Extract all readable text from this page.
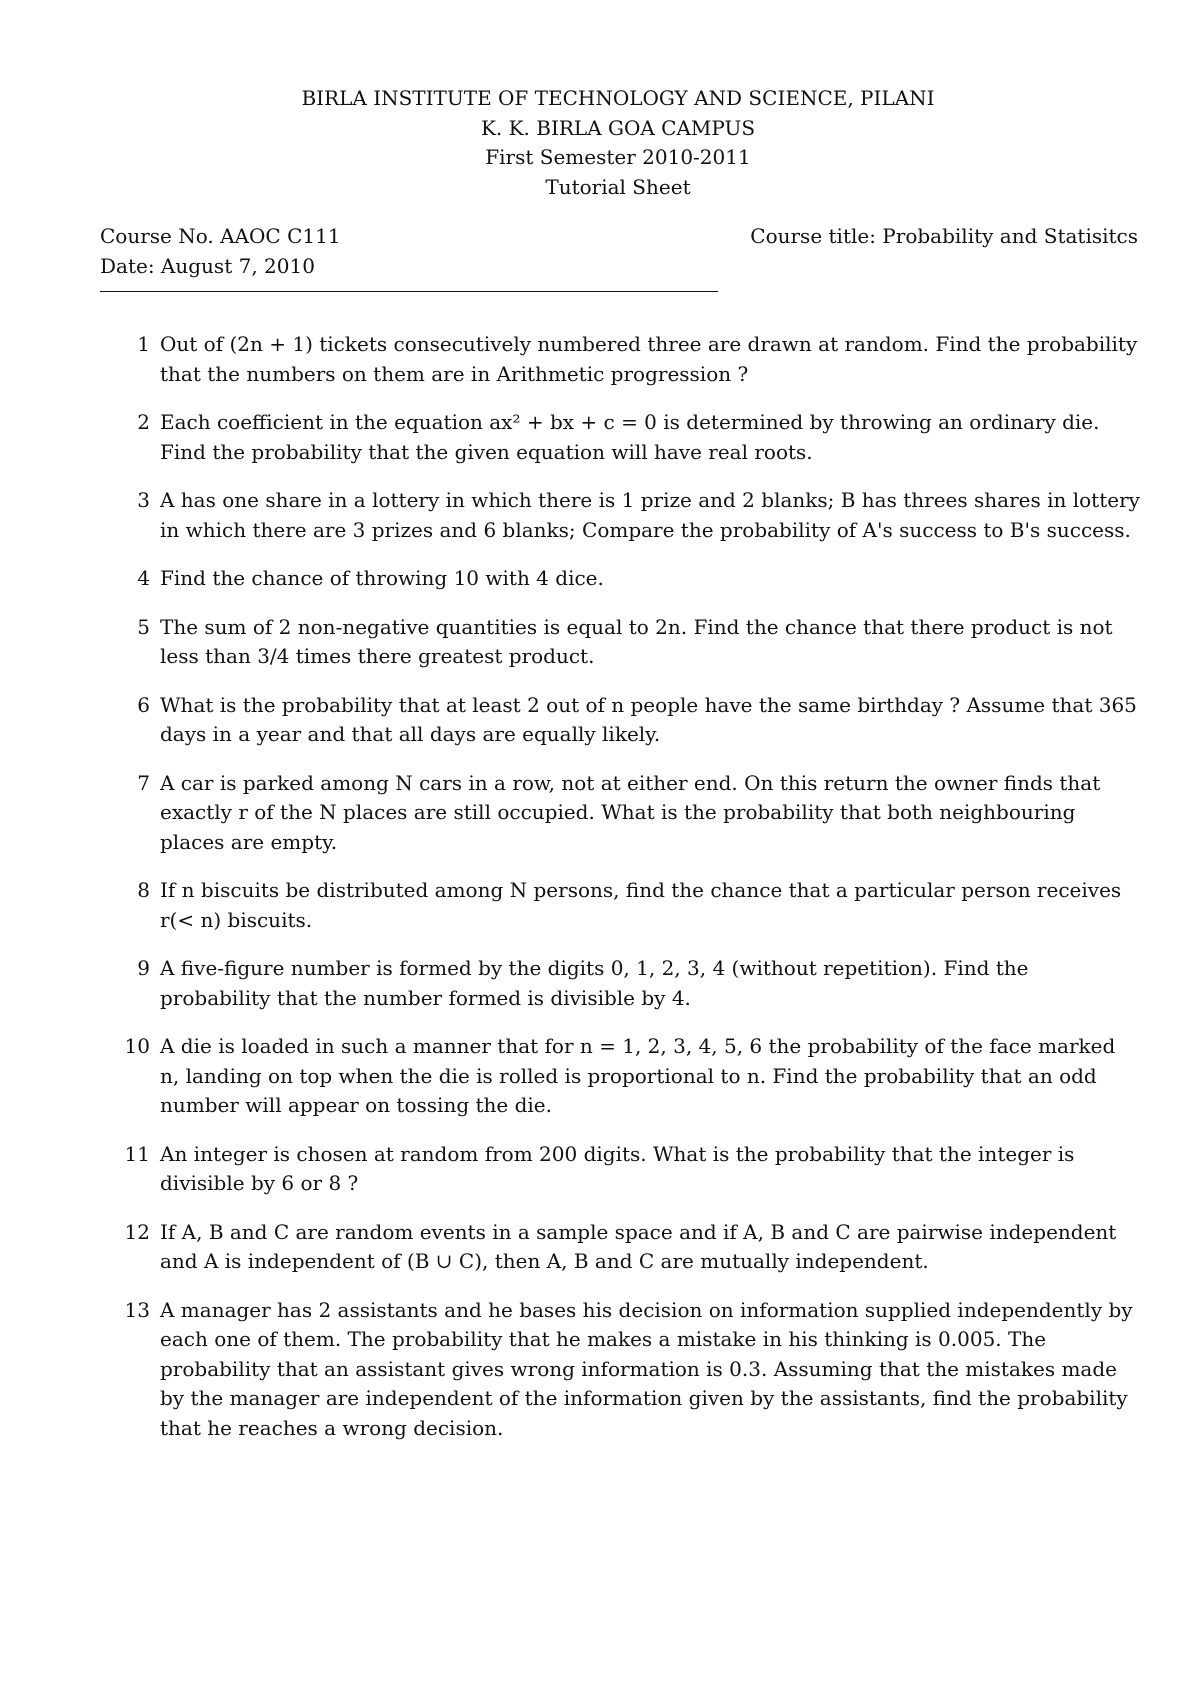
BIRLA INSTITUTE OF TECHNOLOGY AND SCIENCE, PILANI
K. K. BIRLA GOA CAMPUS
First Semester 2010-2011
Tutorial Sheet
Course No. AAOC C111
Date: August 7, 2010
Course title: Probability and Statisitcs
1 Out of (2n + 1) tickets consecutively numbered three are drawn at random. Find the probability that the numbers on them are in Arithmetic progression ?
2 Each coefficient in the equation ax² + bx + c = 0 is determined by throwing an ordinary die. Find the probability that the given equation will have real roots.
3 A has one share in a lottery in which there is 1 prize and 2 blanks; B has threes shares in lottery in which there are 3 prizes and 6 blanks; Compare the probability of A's success to B's success.
4 Find the chance of throwing 10 with 4 dice.
5 The sum of 2 non-negative quantities is equal to 2n. Find the chance that there product is not less than 3/4 times there greatest product.
6 What is the probability that at least 2 out of n people have the same birthday ? Assume that 365 days in a year and that all days are equally likely.
7 A car is parked among N cars in a row, not at either end. On this return the owner finds that exactly r of the N places are still occupied. What is the probability that both neighbouring places are empty.
8 If n biscuits be distributed among N persons, find the chance that a particular person receives r(< n) biscuits.
9 A five-figure number is formed by the digits 0, 1, 2, 3, 4 (without repetition). Find the probability that the number formed is divisible by 4.
10 A die is loaded in such a manner that for n = 1, 2, 3, 4, 5, 6 the probability of the face marked n, landing on top when the die is rolled is proportional to n. Find the probability that an odd number will appear on tossing the die.
11 An integer is chosen at random from 200 digits. What is the probability that the integer is divisible by 6 or 8 ?
12 If A, B and C are random events in a sample space and if A, B and C are pairwise independent and A is independent of (B ∪ C), then A, B and C are mutually independent.
13 A manager has 2 assistants and he bases his decision on information supplied independently by each one of them. The probability that he makes a mistake in his thinking is 0.005. The probability that an assistant gives wrong information is 0.3. Assuming that the mistakes made by the manager are independent of the information given by the assistants, find the probability that he reaches a wrong decision.
